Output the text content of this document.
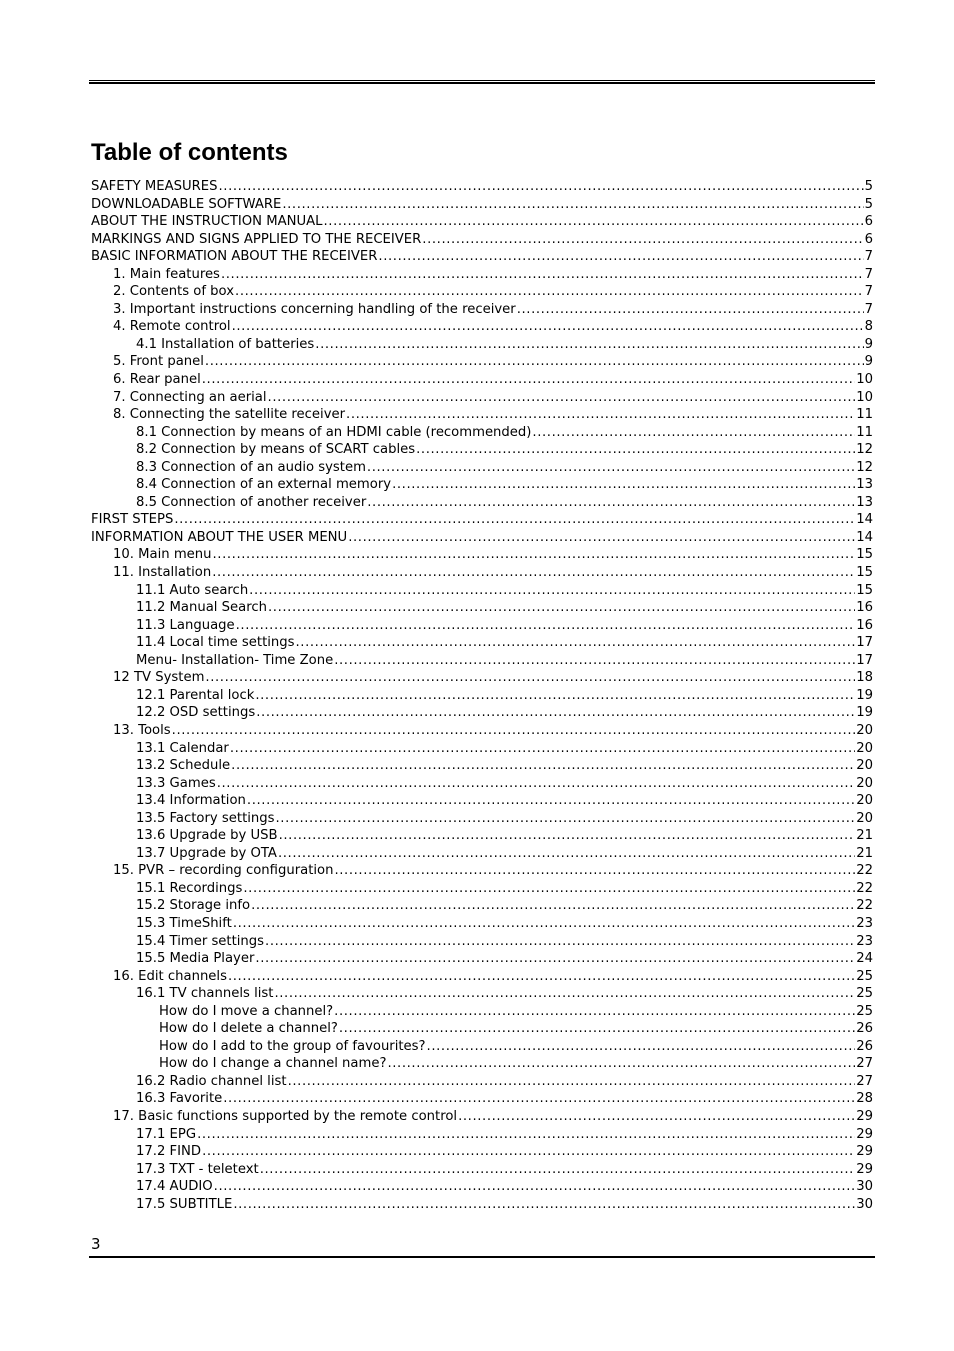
Table of contents
SAFETY MEASURES .....	5
DOWNLOADABLE SOFTWARE .....	5
ABOUT THE INSTRUCTION MANUAL .....	6
MARKINGS AND SIGNS APPLIED TO THE RECEIVER .....	6
BASIC INFORMATION ABOUT THE RECEIVER .....	7
1. Main features .....	7
2. Contents of box .....	7
3. Important instructions concerning handling of the receiver .....	7
4. Remote control .....	8
4.1 Installation of batteries .....	9
5. Front panel .....	9
6. Rear panel .....	10
7. Connecting an aerial .....	10
8. Connecting the satellite receiver .....	11
8.1 Connection by means of an HDMI cable (recommended) .....	11
8.2 Connection by means of SCART cables .....	12
8.3 Connection of an audio system .....	12
8.4 Connection of an external memory .....	13
8.5 Connection of another receiver .....	13
FIRST STEPS .....	14
INFORMATION ABOUT THE USER MENU .....	14
10. Main menu .....	15
11. Installation .....	15
11.1 Auto search .....	15
11.2 Manual Search .....	16
11.3 Language .....	16
11.4 Local time settings .....	17
Menu- Installation- Time Zone .....	17
12 TV System .....	18
12.1 Parental lock .....	19
12.2 OSD settings .....	19
13. Tools .....	20
13.1 Calendar .....	20
13.2 Schedule .....	20
13.3 Games .....	20
13.4 Information .....	20
13.5 Factory settings .....	20
13.6 Upgrade by USB .....	21
13.7 Upgrade by OTA .....	21
15. PVR – recording configuration .....	22
15.1 Recordings .....	22
15.2 Storage info .....	22
15.3 TimeShift .....	23
15.4 Timer settings .....	23
15.5 Media Player .....	24
16. Edit channels .....	25
16.1 TV channels list .....	25
How do I move a channel? .....	25
How do I delete a channel? .....	26
How do I add to the group of favourites? .....	26
How do I change a channel name? .....	27
16.2 Radio channel list .....	27
16.3 Favorite .....	28
17. Basic functions supported by the remote control .....	29
17.1 EPG .....	29
17.2 FIND .....	29
17.3 TXT - teletext .....	29
17.4 AUDIO .....	30
17.5 SUBTITLE .....	30
3
